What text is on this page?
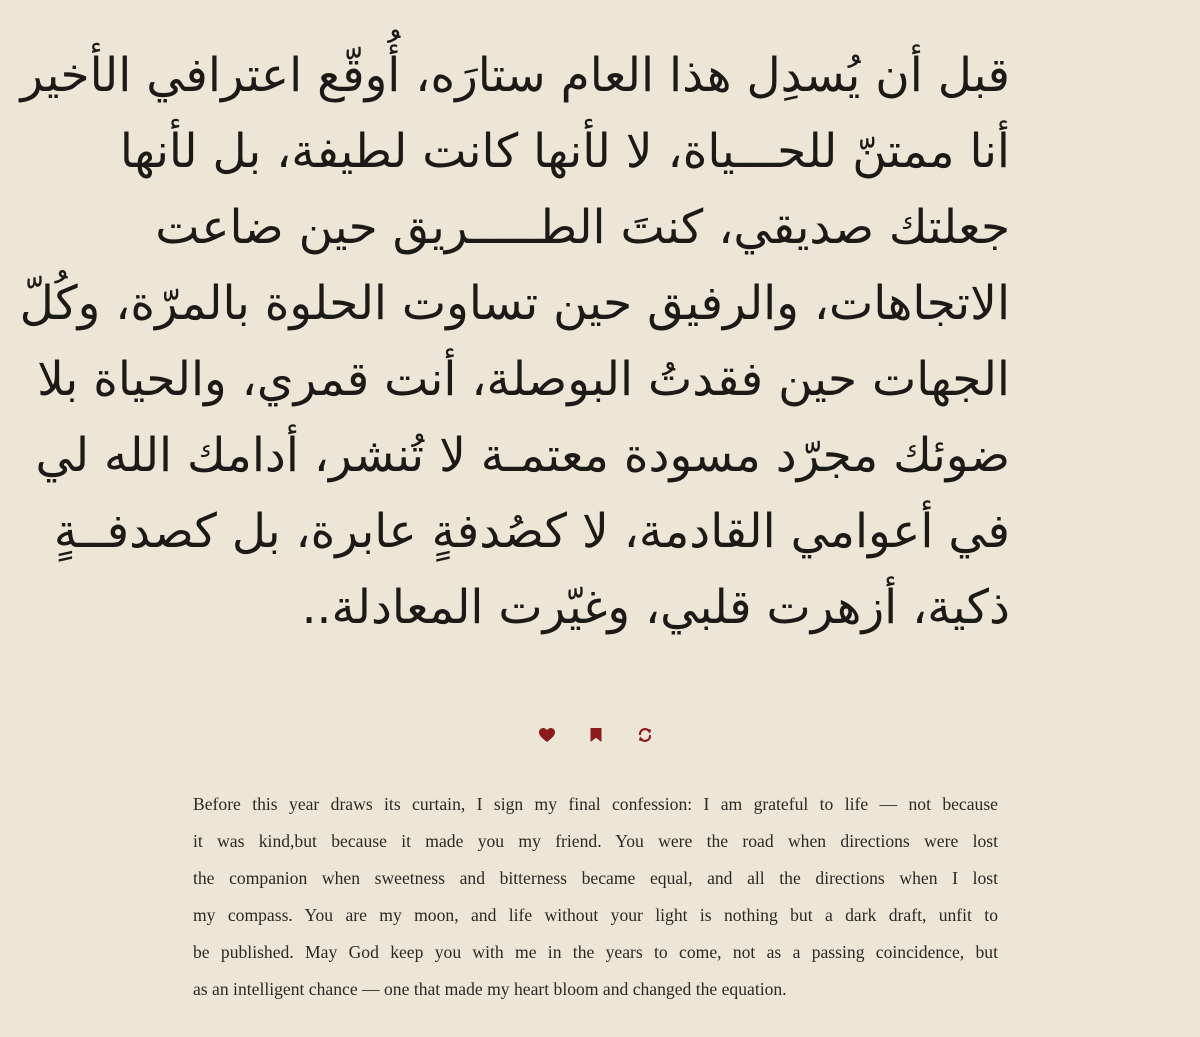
قبل أن يُسدِل هذا العام ستارَه، أُوقّع اعترافي الأخير
أنا ممتنّ للحـــياة، لا لأنها كانت لطيفة، بل لأنها
جعلتك صديقي، كنتَ الطـــــريق حين ضاعت
الاتجاهات، والرفيق حين تساوت الحلوة بالمرّة، وكُلّ
الجهات حين فقدتُ البوصلة، أنت قمري، والحياة بلا
ضوئك مجرّد مسودة معتمـة لا تُنشر، أدامك الله لي
في أعوامي القادمة، لا كصُدفةٍ عابرة، بل كصدفــةٍ
ذكية، أزهرت قلبي، وغيّرت المعادلة..
Before this year draws its curtain, I sign my final confession: I am grateful to life — not because
it was kind,but because it made you my friend. You were the road when directions were lost
the companion when sweetness and bitterness became equal, and all the directions when I lost
my compass. You are my moon, and life without your light is nothing but a dark draft, unfit to
be published. May God keep you with me in the years to come, not as a passing coincidence, but
as an intelligent chance — one that made my heart bloom and changed the equation.
